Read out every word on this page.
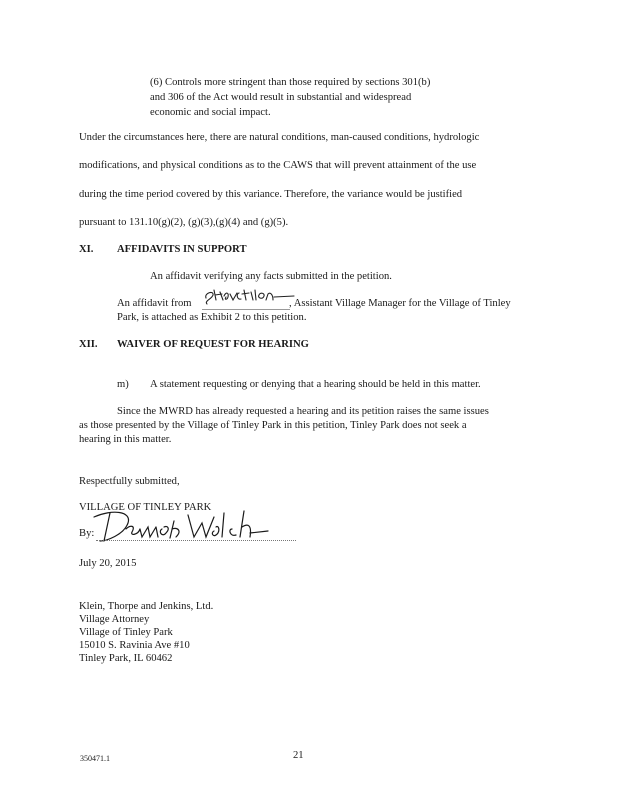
(6) Controls more stringent than those required by sections 301(b)
and 306 of the Act would result in substantial and widespread
economic and social impact.
Under the circumstances here, there are natural conditions, man-caused conditions, hydrologic
modifications, and physical conditions as to the CAWS that will prevent attainment of the use
during the time period covered by this variance. Therefore, the variance would be justified
pursuant to 131.10(g)(2), (g)(3),(g)(4) and (g)(5).
XI. AFFIDAVITS IN SUPPORT
An affidavit verifying any facts submitted in the petition.
An affidavit from	, Assistant Village Manager for the Village of Tinley
Park, is attached as Exhibit 2 to this petition.
XII. WAIVER OF REQUEST FOR HEARING
m) A statement requesting or denying that a hearing should be held in this matter.
Since the MWRD has already requested a hearing and its petition raises the same issues
as those presented by the Village of Tinley Park in this petition, Tinley Park does not seek a
hearing in this matter.
Respectfully submitted,
VILLAGE OF TINLEY PARK
By:
July 20, 2015
Klein, Thorpe and Jenkins, Ltd.
Village Attorney
Village of Tinley Park
15010 S. Ravinia Ave #10
Tinley Park, IL 60462
350471.1	21
